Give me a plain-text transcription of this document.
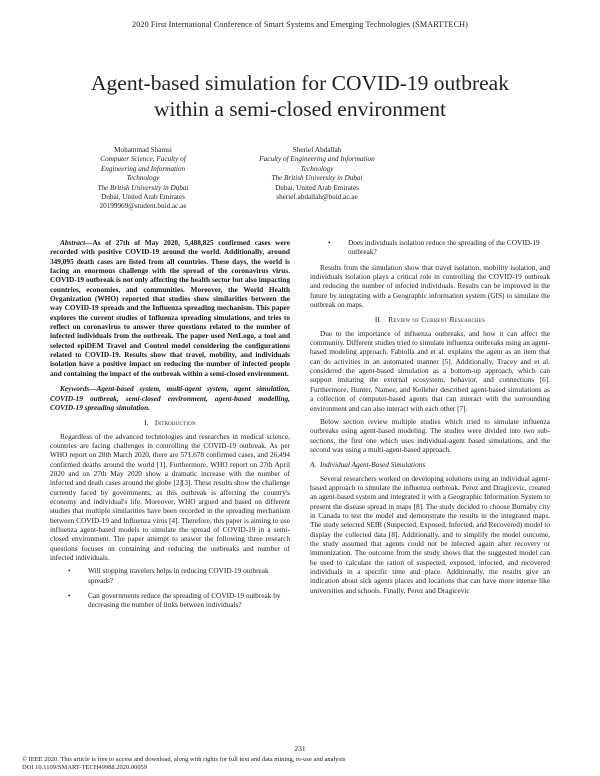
2020 First International Conference of Smart Systems and Emerging Technologies (SMARTTECH)
Agent-based simulation for COVID-19 outbreak
within a semi-closed environment
Mohammad Shamsi
Computer Science, Faculty of
Engineering and Information
Technology
The British University in Dubai
Dubai, United Arab Emirates
20199969@student.buid.ac.ae
Sherief Abdallah
Faculty of Engineering and Information
Technology
The British University in Dubai
Dubai, United Arab Emirates
sherief.abdallah@buid.ac.ae

Abstract—As of 27th of May 2020, 5,488,825 confirmed cases were recorded with positive COVID-19 around the world. Additionally, around 349,095 death cases are listed from all countries. These days, the world is facing an enormous challenge with the spread of the coronavirus virus. COVID-19 outbreak is not only affecting the health sector but also impacting countries, economies, and communities. Moreover, the World Health Organization (WHO) reported that studies show similarities between the way COVID-19 spreads and the Influenza spreading mechanism. This paper explores the current studies of Influenza spreading simulations, and tries to reflect on coronavirus to answer three questions related to the number of infected individuals from the outbreak. The paper used NetLogo, a tool and selected epiDEM Travel and Control model considering the configurations related to COVID-19. Results show that travel, mobility, and individuals isolation have a positive impact on reducing the number of infected people and containing the impact of the outbreak within a semi-closed environment.

Keywords—Agent-based system, multi-agent system, agent simulation, COVID-19 outbreak, semi-closed environment, agent-based modelling, COVID-19 spreading simulation.

I. Introduction

Regardless of the advanced technologies and researches in medical science, countries are facing challenges in controlling the COVID-19 outbreak. As per WHO report on 28th March 2020, there are 571,678 confirmed cases, and 26,494 confirmed deaths around the world [1]. Furthermore, WHO report on 27th April 2020 and on 27th May 2020 show a dramatic increase with the number of infected and death cases around the globe [2][3]. These results show the challenge currently faced by governments, as this outbreak is affecting the country's economy and individual's life. Moreover, WHO argued and based on different studies that multiple similarities have been recorded in the spreading mechanism between COVID-19 and Influenza virus [4]. Therefore, this paper is aiming to use influenza agent-based models to simulate the spread of COVID-19 in a semi-closed environment. The paper attempt to answer the following three research questions focuses on containing and reducing the outbreaks and number of infected individuals.

• Will stopping travelers helps in reducing COVID-19 outbreak spreads?
• Can governments reduce the spreading of COVID-19 outbreak by decreasing the number of links between individuals?
• Does individuals isolation reduce the spreading of the COVID-19 outbreak?

Results from the simulation show that travel isolation, mobility isolation, and individuals isolation plays a critical role in controlling the COVID-19 outbreak and reducing the number of infected individuals. Results can be improved in the future by integrating with a Geographic information system (GIS) to simulate the outbreak on maps.

II. Review of Current Researches

Due to the importance of influenza outbreaks, and how it can affect the community. Different studies tried to simulate influenza outbreaks using an agent-based modeling approach. Fabiolla and et al. explains the agent as an item that can do activities in an automated manner [5]. Additionally, Tracey and et al. considered the agent-based simulation as a bottom-up approach, which can support imitating the external ecosystem, behavior, and connections [6]. Furthermore, Hunter, Namee, and Kelleher described agent-based simulations as a collection of computer-based agents that can interact with the surrounding environment and can also interact with each other [7].

Below section review multiple studies which tried to simulate influenza outbreaks using agent-based modeling. The studies were divided into two sub-sections, the first one which uses individual-agent based simulations, and the second was using a multi-agent-based approach.

A. Individual Agent-Based Simulations

Several researchers worked on developing solutions using an individual agent-based approach to simulate the influenza outbreak. Perez and Dragicevic, created an agent-based system and integrated it with a Geographic Information System to present the disease spread in maps [8]. The study decided to choose Burnaby city in Canada to test the model and demonstrate the results in the integrated maps. The study selected SEIR (Suspected, Exposed, Infected, and Recovered) model to display the collected data [8]. Additionally, and to simplify the model outcome, the study assumed that agents could not be infected again after recovery or immunization. The outcome from the study shows that the suggested model can be used to calculate the ration of suspected, exposed, infected, and recovered individuals in a specific time and place. Additionally, the results give an indication about sick agents places and locations that can have more intense like universities and schools. Finally, Perez and Dragicevic

231
© IEEE 2020. This article is free to access and download, along with rights for full text and data mining, re-use and analysis
DOI 10.1109/SMART-TECH49988.2020.00059
